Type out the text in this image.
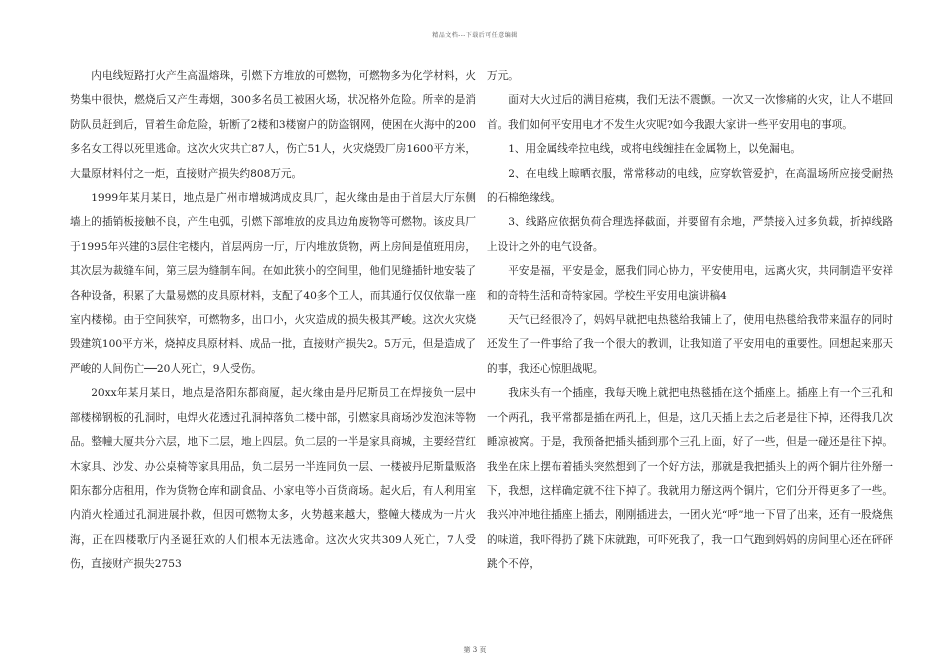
精品文档---下载后可任意编辑

内电线短路打火产生高温熔珠，引燃下方堆放的可燃物，可燃物多为化学材料，火势集中很快，燃烧后又产生毒烟，300多名员工被困火场，状况格外危险。所幸的是消防队员赶到后，冒着生命危险，斩断了2楼和3楼窗户的防盗钢网，使困在火海中的200多名女工得以死里逃命。这次火灾共亡87人，伤亡51人，火灾烧毁厂房1600平方米，大量原材料付之一炬，直接财产损失约808万元。

1999年某月某日，地点是广州市增城鸿成皮具厂，起火缘由是由于首层大厅东侧墙上的插销板接触不良，产生电弧，引燃下部堆放的皮具边角废物等可燃物。该皮具厂于1995年兴建的3层住宅楼内，首层两房一厅，厅内堆放货物，两上房间是值班用房，其次层为裁缝车间，第三层为缝制车间。在如此狭小的空间里，他们见缝插针地安装了各种设备，积累了大量易燃的皮具原材料，支配了40多个工人，而其通行仅仅依靠一座室内楼梯。由于空间狭窄，可燃物多，出口小，火灾造成的损失极其严峻。这次火灾烧毁建筑100平方米，烧掉皮具原材料、成品一批，直接财产损失2。5万元，但是造成了严峻的人间伤亡──20人死亡，9人受伤。

20xx年某月某日，地点是洛阳东都商厦，起火缘由是丹尼斯员工在焊接负一层中部楼梯钢板的孔洞时，电焊火花透过孔洞掉落负二楼中部，引燃家具商场沙发泡沫等物品。整幢大厦共分六层，地下二层，地上四层。负二层的一半是家具商城，主要经营红木家具、沙发、办公桌椅等家具用品，负二层另一半连同负一层、一楼被丹尼斯量贩洛阳东都分店租用，作为货物仓库和副食品、小家电等小百货商场。起火后，有人利用室内消火栓通过孔洞进展扑救，但因可燃物太多，火势越来越大，整幢大楼成为一片火海，正在四楼歌厅内圣诞狂欢的人们根本无法逃命。这次火灾共309人死亡，7人受伤，直接财产损失2753

万元。

面对大火过后的满目疮痍，我们无法不震颤。一次又一次惨痛的火灾，让人不堪回首。我们如何平安用电才不发生火灾呢?如今我跟大家讲一些平安用电的事项。

1、用金属线牵拉电线，或将电线缠挂在金属物上，以免漏电。

2、在电线上晾晒衣服，常常移动的电线，应穿软管爱护，在高温场所应接受耐热的石棉绝缘线。

3、线路应依据负荷合理选择截面，并要留有余地，严禁接入过多负载，折掉线路上设计之外的电气设备。

平安是福，平安是金，愿我们同心协力，平安使用电，远离火灾，共同制造平安祥和的奇特生活和奇特家园。学校生平安用电演讲稿4

天气已经很冷了，妈妈早就把电热毯给我铺上了，使用电热毯给我带来温存的同时还发生了一件事给了我一个很大的教训，让我知道了平安用电的重要性。回想起来那天的事，我还心惊胆战呢。

我床头有一个插座，我每天晚上就把电热毯插在这个插座上。插座上有一个三孔和一个两孔，我平常都是插在两孔上，但是，这几天插上去之后老是往下掉，还得我几次睡凉被窝。于是，我预备把插头插到那个三孔上面，好了一些，但是一碰还是往下掉。我坐在床上摆布着插头突然想到了一个好方法，那就是我把插头上的两个铜片往外掰一下，我想，这样确定就不往下掉了。我就用力掰这两个铜片，它们分开得更多了一些。我兴冲冲地往插座上插去，刚刚插进去，一团火光“呼”地一下冒了出来，还有一股烧焦的味道，我吓得扔了跳下床就跑，可吓死我了，我一口气跑到妈妈的房间里心还在砰砰跳个不停，

第 3 页
